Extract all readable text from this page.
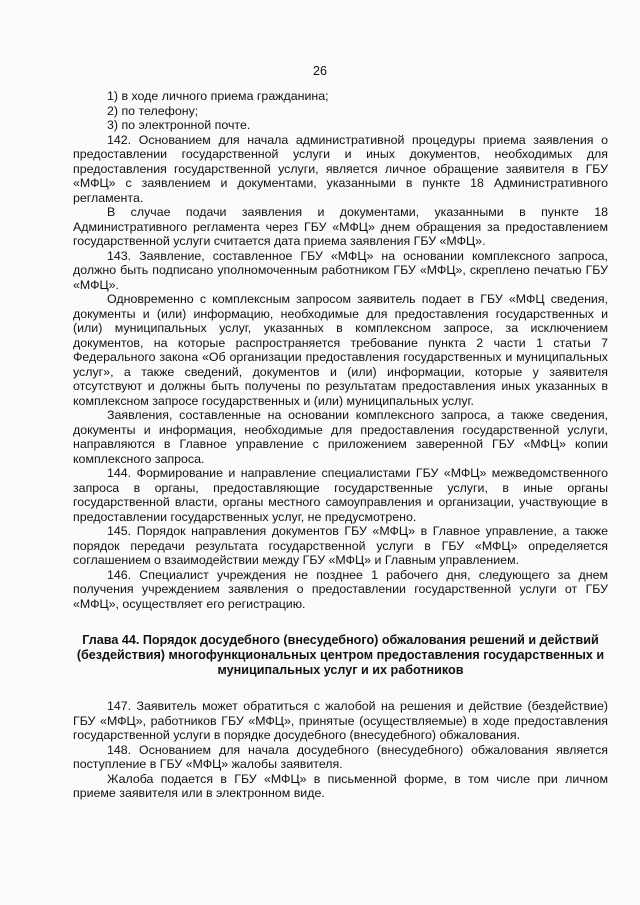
26

1) в ходе личного приема гражданина;

2) по телефону;

3) по электронной почте.

142. Основанием для начала административной процедуры приема заявления о предоставлении государственной услуги и иных документов, необходимых для предоставления государственной услуги, является личное обращение заявителя в ГБУ «МФЦ» с заявлением и документами, указанными в пункте 18 Административного регламента.

В случае подачи заявления и документами, указанными в пункте 18 Административного регламента через ГБУ «МФЦ» днем обращения за предоставлением государственной услуги считается дата приема заявления ГБУ «МФЦ».

143. Заявление, составленное ГБУ «МФЦ» на основании комплексного запроса, должно быть подписано уполномоченным работником ГБУ «МФЦ», скреплено печатью ГБУ «МФЦ».

Одновременно с комплексным запросом заявитель подает в ГБУ «МФЦ сведения, документы и (или) информацию, необходимые для предоставления государственных и (или) муниципальных услуг, указанных в комплексном запросе, за исключением документов, на которые распространяется требование пункта 2 части 1 статьи 7 Федерального закона «Об организации предоставления государственных и муниципальных услуг», а также сведений, документов и (или) информации, которые у заявителя отсутствуют и должны быть получены по результатам предоставления иных указанных в комплексном запросе государственных и (или) муниципальных услуг.

Заявления, составленные на основании комплексного запроса, а также сведения, документы и информация, необходимые для предоставления государственной услуги, направляются в Главное управление с приложением заверенной ГБУ «МФЦ» копии комплексного запроса.

144. Формирование и направление специалистами ГБУ «МФЦ» межведомственного запроса в органы, предоставляющие государственные услуги, в иные органы государственной власти, органы местного самоуправления и организации, участвующие в предоставлении государственных услуг, не предусмотрено.

145. Порядок направления документов ГБУ «МФЦ» в Главное управление, а также порядок передачи результата государственной услуги в ГБУ «МФЦ» определяется соглашением о взаимодействии между ГБУ «МФЦ» и Главным управлением.

146. Специалист учреждения не позднее 1 рабочего дня, следующего за днем получения учреждением заявления о предоставлении государственной услуги от ГБУ «МФЦ», осуществляет его регистрацию.

Глава 44. Порядок досудебного (внесудебного) обжалования решений и действий (бездействия) многофункциональных центром предоставления государственных и муниципальных услуг и их работников

147. Заявитель может обратиться с жалобой на решения и действие (бездействие) ГБУ «МФЦ», работников ГБУ «МФЦ», принятые (осуществляемые) в ходе предоставления государственной услуги в порядке досудебного (внесудебного) обжалования.

148. Основанием для начала досудебного (внесудебного) обжалования является поступление в ГБУ «МФЦ» жалобы заявителя.

Жалоба подается в ГБУ «МФЦ» в письменной форме, в том числе при личном приеме заявителя или в электронном виде.
